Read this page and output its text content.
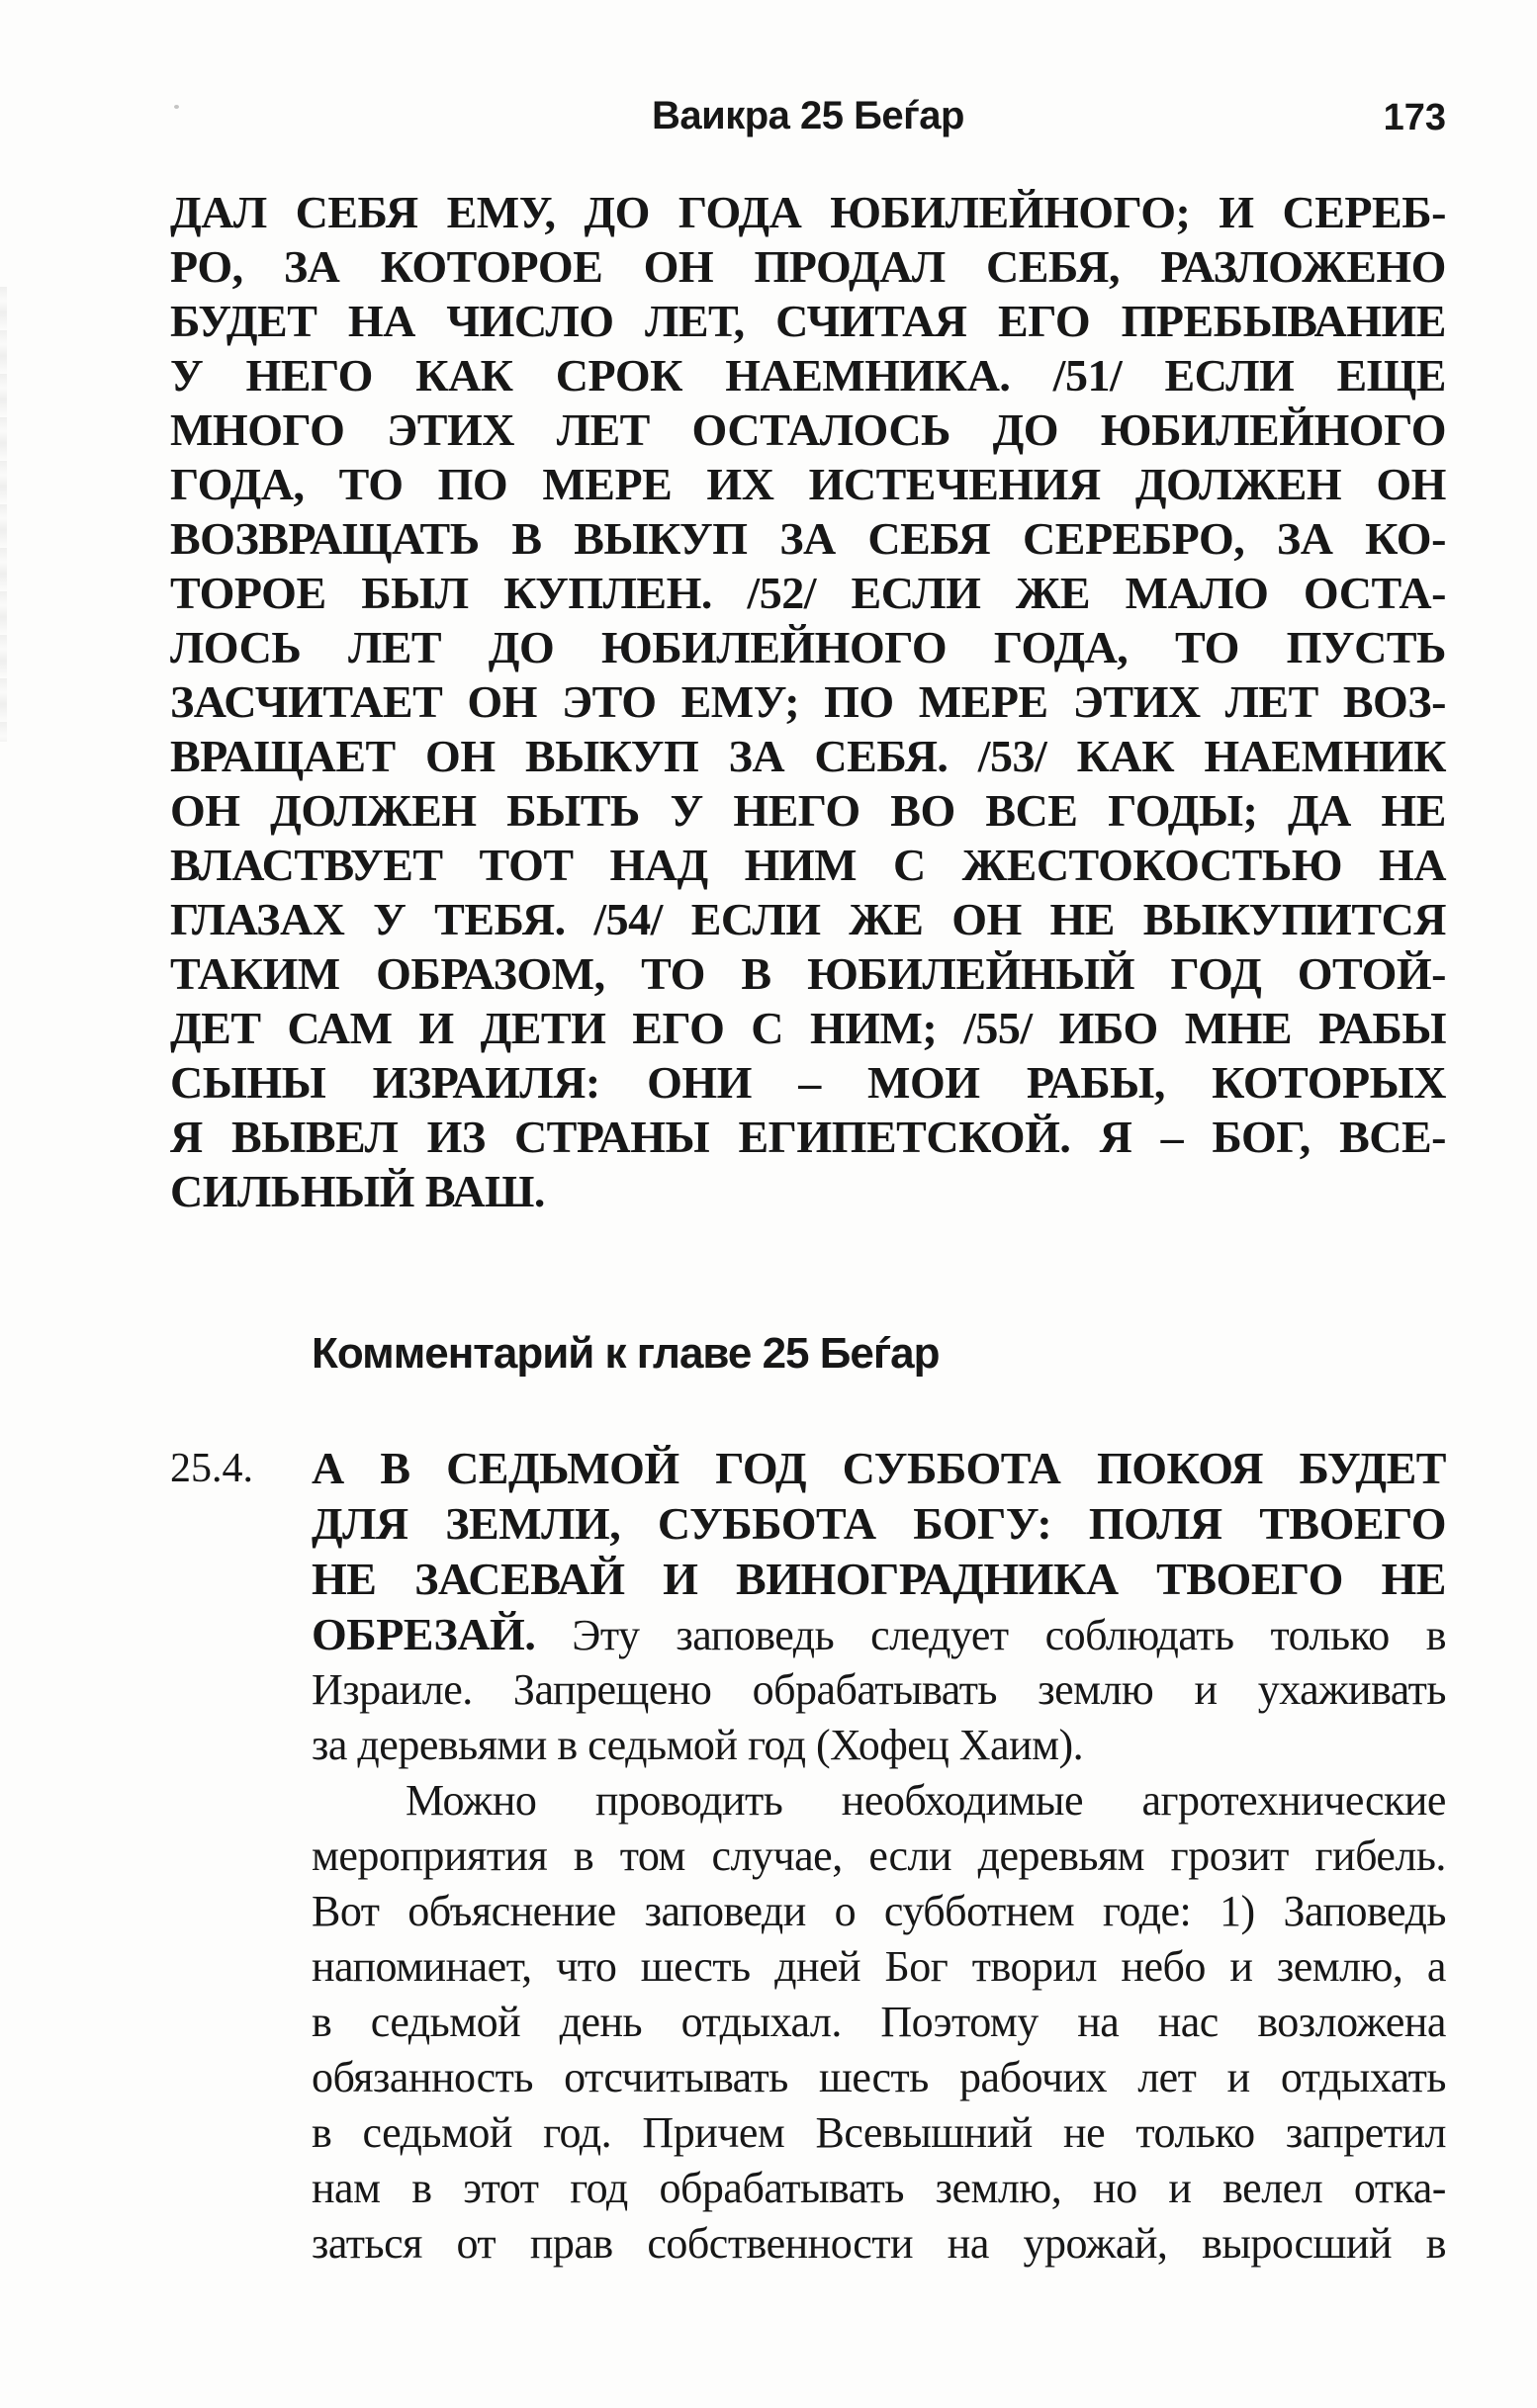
Ваикра 25 Беѓар	173
ДАЛ СЕБЯ ЕМУ, ДО ГОДА ЮБИЛЕЙНОГО; И СЕРЕБ-
РО, ЗА КОТОРОЕ ОН ПРОДАЛ СЕБЯ, РАЗЛОЖЕНО
БУДЕТ НА ЧИСЛО ЛЕТ, СЧИТАЯ ЕГО ПРЕБЫВАНИЕ
У НЕГО КАК СРОК НАЕМНИКА. /51/ ЕСЛИ ЕЩЕ
МНОГО ЭТИХ ЛЕТ ОСТАЛОСЬ ДО ЮБИЛЕЙНОГО
ГОДА, ТО ПО МЕРЕ ИХ ИСТЕЧЕНИЯ ДОЛЖЕН ОН
ВОЗВРАЩАТЬ В ВЫКУП ЗА СЕБЯ СЕРЕБРО, ЗА КО-
ТОРОЕ БЫЛ КУПЛЕН. /52/ ЕСЛИ ЖЕ МАЛО ОСТА-
ЛОСЬ ЛЕТ ДО ЮБИЛЕЙНОГО ГОДА, ТО ПУСТЬ
ЗАСЧИТАЕТ ОН ЭТО ЕМУ; ПО МЕРЕ ЭТИХ ЛЕТ ВОЗ-
ВРАЩАЕТ ОН ВЫКУП ЗА СЕБЯ. /53/ КАК НАЕМНИК
ОН ДОЛЖЕН БЫТЬ У НЕГО ВО ВСЕ ГОДЫ; ДА НЕ
ВЛАСТВУЕТ ТОТ НАД НИМ С ЖЕСТОКОСТЬЮ НА
ГЛАЗАХ У ТЕБЯ. /54/ ЕСЛИ ЖЕ ОН НЕ ВЫКУПИТСЯ
ТАКИМ ОБРАЗОМ, ТО В ЮБИЛЕЙНЫЙ ГОД ОТОЙ-
ДЕТ САМ И ДЕТИ ЕГО С НИМ; /55/ ИБО МНЕ РАБЫ
СЫНЫ ИЗРАИЛЯ: ОНИ – МОИ РАБЫ, КОТОРЫХ
Я ВЫВЕЛ ИЗ СТРАНЫ ЕГИПЕТСКОЙ. Я – БОГ, ВСЕ-
СИЛЬНЫЙ ВАШ.
Комментарий к главе 25 Беѓар
25.4. А В СЕДЬМОЙ ГОД СУББОТА ПОКОЯ БУДЕТ
ДЛЯ ЗЕМЛИ, СУББОТА БОГУ: ПОЛЯ ТВОЕГО
НЕ ЗАСЕВАЙ И ВИНОГРАДНИКА ТВОЕГО НЕ
ОБРЕЗАЙ. Эту заповедь следует соблюдать только в
Израиле. Запрещено обрабатывать землю и ухаживать
за деревьями в седьмой год (Хофец Хаим).
Можно проводить необходимые агротехнические
мероприятия в том случае, если деревьям грозит гибель.
Вот объяснение заповеди о субботнем годе: 1) Заповедь
напоминает, что шесть дней Бог творил небо и землю, а
в седьмой день отдыхал. Поэтому на нас возложена
обязанность отсчитывать шесть рабочих лет и отдыхать
в седьмой год. Причем Всевышний не только запретил
нам в этот год обрабатывать землю, но и велел отка-
заться от прав собственности на урожай, выросший в
